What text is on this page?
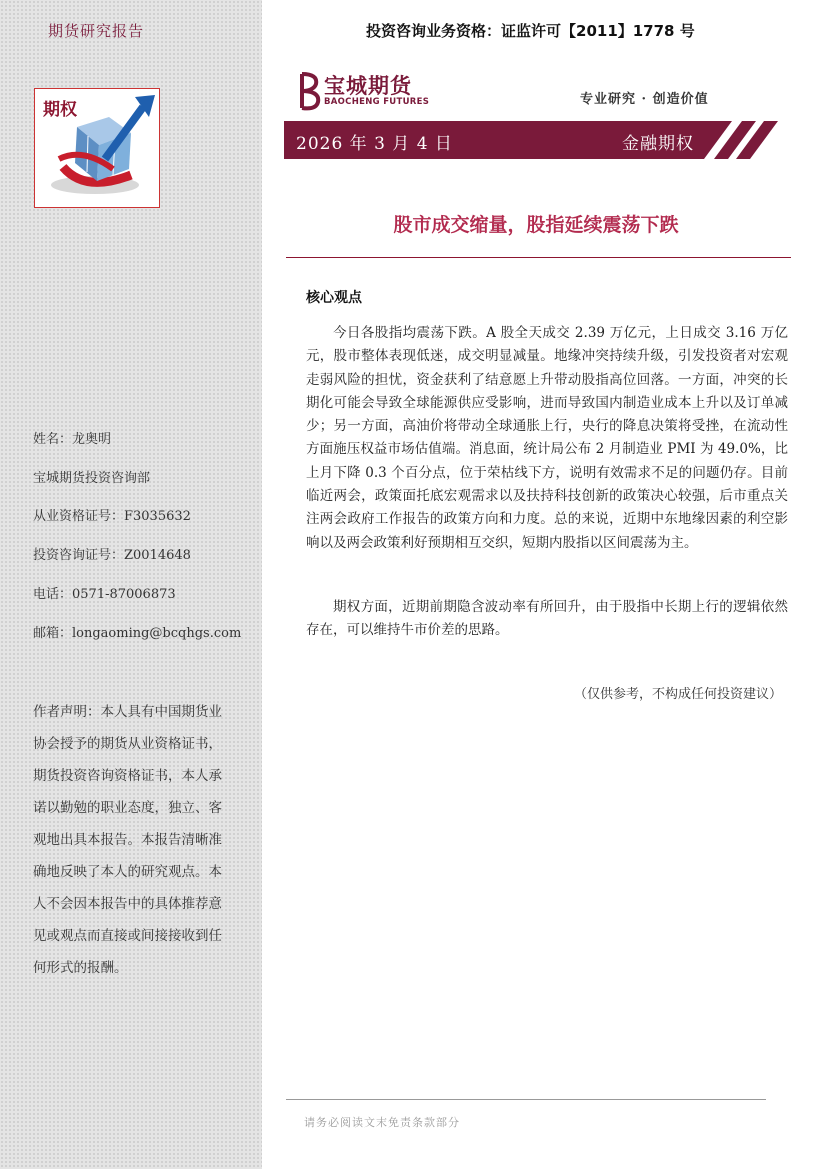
期货研究报告
期权
姓名：龙奥明
宝城期货投资咨询部
从业资格证号：F3035632
投资咨询证号：Z0014648
电话：0571-87006873
邮箱：longaoming@bcqhgs.com
作者声明：本人具有中国期货业协会授予的期货从业资格证书，期货投资咨询资格证书，本人承诺以勤勉的职业态度，独立、客观地出具本报告。本报告清晰准确地反映了本人的研究观点。本人不会因本报告中的具体推荐意见或观点而直接或间接接收到任何形式的报酬。
投资咨询业务资格：证监许可【2011】1778 号
宝城期货
BAOCHENG FUTURES	专业研究 · 创造价值
2026 年 3 月 4 日	金融期权
股市成交缩量，股指延续震荡下跌
核心观点

今日各股指均震荡下跌。A 股全天成交 2.39 万亿元，上日成交 3.16 万亿元，股市整体表现低迷，成交明显减量。地缘冲突持续升级，引发投资者对宏观走弱风险的担忧，资金获利了结意愿上升带动股指高位回落。一方面，冲突的长期化可能会导致全球能源供应受影响，进而导致国内制造业成本上升以及订单减少；另一方面，高油价将带动全球通胀上行，央行的降息决策将受挫，在流动性方面施压权益市场估值端。消息面，统计局公布 2 月制造业 PMI 为 49.0%，比上月下降 0.3 个百分点，位于荣枯线下方，说明有效需求不足的问题仍存。目前临近两会，政策面托底宏观需求以及扶持科技创新的政策决心较强，后市重点关注两会政府工作报告的政策方向和力度。总的来说，近期中东地缘因素的利空影响以及两会政策利好预期相互交织，短期内股指以区间震荡为主。

期权方面，近期前期隐含波动率有所回升，由于股指中长期上行的逻辑依然存在，可以维持牛市价差的思路。

（仅供参考，不构成任何投资建议）
请务必阅读文末免责条款部分
